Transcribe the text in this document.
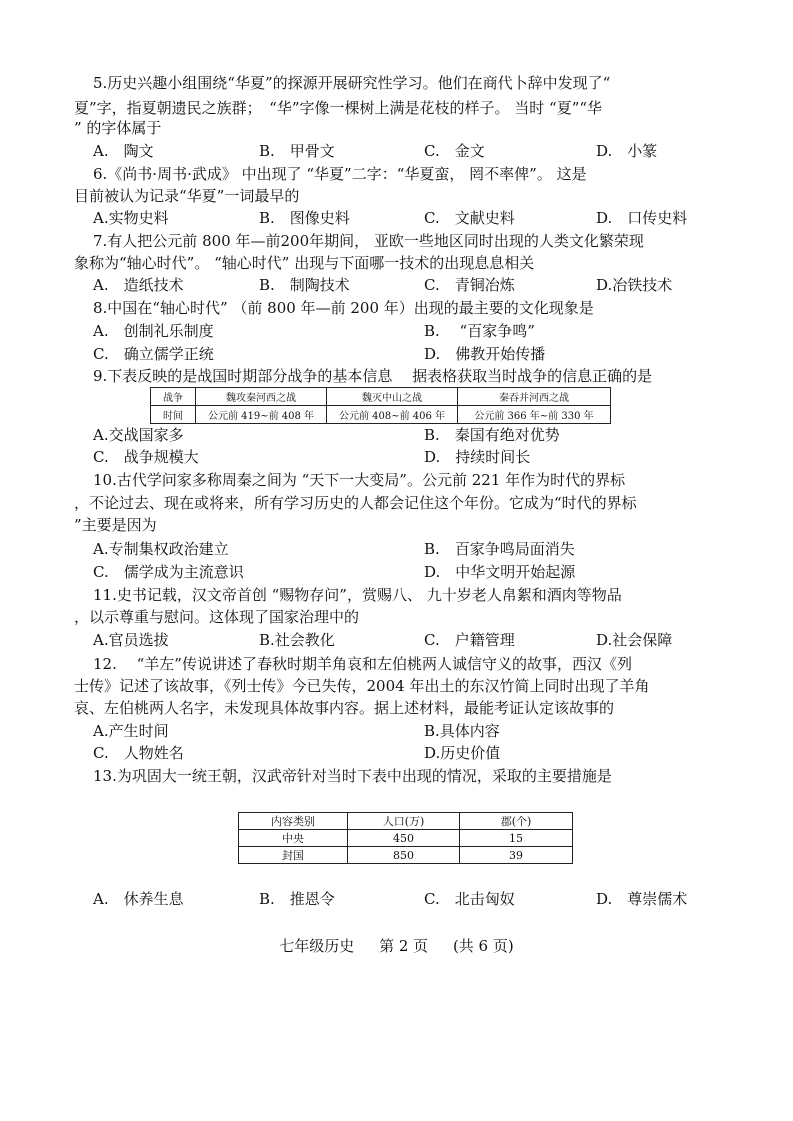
5.历史兴趣小组围绕“华夏”的探源开展研究性学习。他们在商代卜辞中发现了“
夏”字，指夏朝遗民之族群；　“华”字像一棵树上满是花枝的样子。 当时 “夏”“华
” 的字体属于
A.　陶文	B.　甲骨文	C.　金文	D.　小篆
6.《尚书·周书·武成》 中出现了 “华夏”二字：“华夏蛮， 罔不率俾”。 这是
目前被认为记录“华夏”一词最早的
A.实物史料	B.　图像史料	C.　文献史料	D.　口传史料
7.有人把公元前 800 年—前200年期间， 亚欧一些地区同时出现的人类文化繁荣现
象称为“轴心时代”。 “轴心时代” 出现与下面哪一技术的出现息息相关
A.　造纸技术	B.　制陶技术	C.　青铜冶炼	D.冶铁技术
8.中国在“轴心时代” （前 800 年—前 200 年）出现的最主要的文化现象是
A.　创制礼乐制度	B.　 “百家争鸣”
C.　确立儒学正统	D.　佛教开始传播
9.下表反映的是战国时期部分战争的基本信息　 据表格获取当时战争的信息正确的是
战争	魏攻秦河西之战	魏灭中山之战	秦吞并河西之战
时间	公元前 419~前 408 年	公元前 408~前 406 年	公元前 366 年~前 330 年
A.交战国家多	B.　秦国有绝对优势
C.　战争规模大	D.　持续时间长
10.古代学问家多称周秦之间为 “天下一大变局”。公元前 221 年作为时代的界标
，不论过去、现在或将来，所有学习历史的人都会记住这个年份。它成为“时代的界标
”主要是因为
A.专制集权政治建立	B.　百家争鸣局面消失
C.　儒学成为主流意识	D.　中华文明开始起源
11.史书记载，汉文帝首创 “赐物存问”，赏赐八、 九十岁老人帛絮和酒肉等物品
，以示尊重与慰问。这体现了国家治理中的
A.官员选拔	B.社会教化	C.　户籍管理	D.社会保障
12.　 “羊左”传说讲述了春秋时期羊角哀和左伯桃两人诚信守义的故事，西汉《列
士传》记述了该故事，《列士传》今已失传，2004 年出土的东汉竹简上同时出现了羊角
哀、左伯桃两人名字，未发现具体故事内容。据上述材料，最能考证认定该故事的
A.产生时间	B.具体内容
C.　人物姓名	D.历史价值
13.为巩固大一统王朝，汉武帝针对当时下表中出现的情况，采取的主要措施是
内容类别	人口(万)	郡(个)
中央	450	15
封国	850	39
A.　休养生息	B.　推恩令	C.　北击匈奴	D.　尊崇儒术
七年级历史 第 2 页 (共 6 页)
